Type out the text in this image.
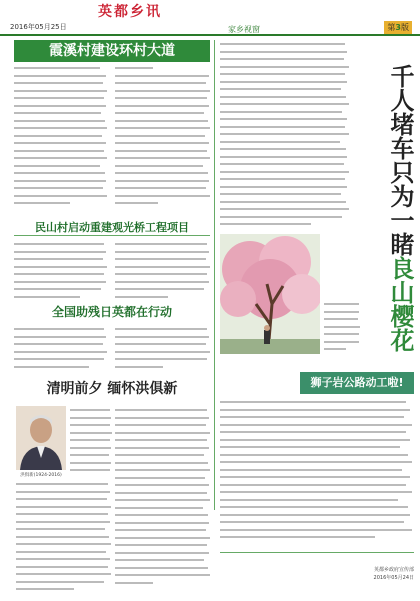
2016年05月25日
英都乡讯
家乡视窗	第3版
霞溪村建设环村大道
民山村启动重建观光桥工程项目
全国助残日英都在行动
清明前夕 缅怀洪俱新
洪俱新(1924-2016)
千人堵车只为一睹良山樱花
狮子岩公路动工啦!
英都乡政府宣传部
2016年05月24日
